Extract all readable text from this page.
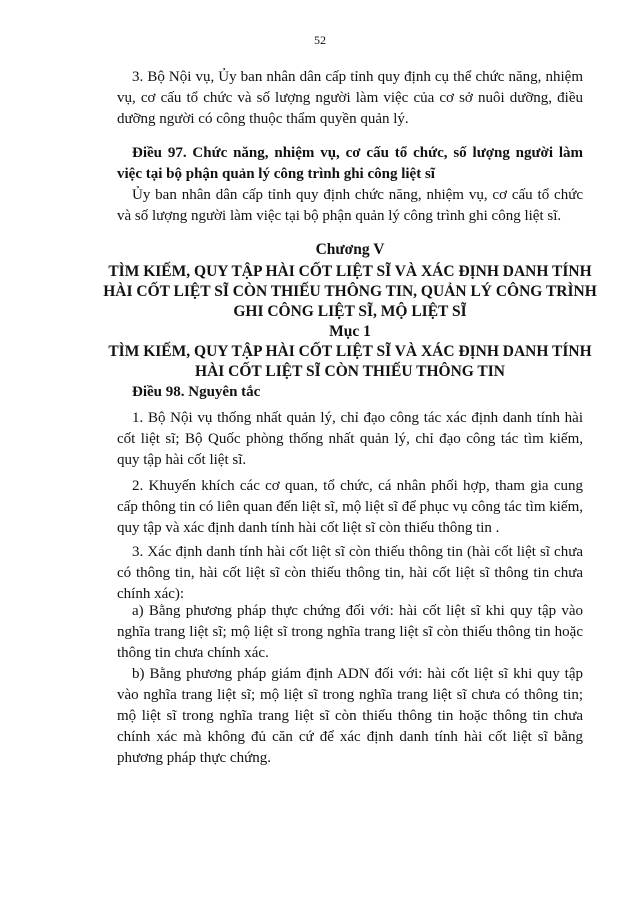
52

3. Bộ Nội vụ, Ủy ban nhân dân cấp tỉnh quy định cụ thể chức năng, nhiệm vụ, cơ cấu tổ chức và số lượng người làm việc của cơ sở nuôi dưỡng, điều dưỡng người có công thuộc thẩm quyền quản lý.

Điều 97. Chức năng, nhiệm vụ, cơ cấu tổ chức, số lượng người làm việc tại bộ phận quản lý công trình ghi công liệt sĩ

Ủy ban nhân dân cấp tỉnh quy định chức năng, nhiệm vụ, cơ cấu tổ chức và số lượng người làm việc tại bộ phận quản lý công trình ghi công liệt sĩ.

Chương V

TÌM KIẾM, QUY TẬP HÀI CỐT LIỆT SĨ VÀ XÁC ĐỊNH DANH TÍNH HÀI CỐT LIỆT SĨ CÒN THIẾU THÔNG TIN, QUẢN LÝ CÔNG TRÌNH GHI CÔNG LIỆT SĨ, MỘ LIỆT SĨ

Mục 1

TÌM KIẾM, QUY TẬP HÀI CỐT LIỆT SĨ VÀ XÁC ĐỊNH DANH TÍNH HÀI CỐT LIỆT SĨ CÒN THIẾU THÔNG TIN

Điều 98. Nguyên tắc

1. Bộ Nội vụ thống nhất quản lý, chỉ đạo công tác xác định danh tính hài cốt liệt sĩ; Bộ Quốc phòng thống nhất quản lý, chỉ đạo công tác tìm kiếm, quy tập hài cốt liệt sĩ.

2. Khuyến khích các cơ quan, tổ chức, cá nhân phối hợp, tham gia cung cấp thông tin có liên quan đến liệt sĩ, mộ liệt sĩ để phục vụ công tác tìm kiếm, quy tập và xác định danh tính hài cốt liệt sĩ còn thiếu thông tin .

3. Xác định danh tính hài cốt liệt sĩ còn thiếu thông tin (hài cốt liệt sĩ chưa có thông tin, hài cốt liệt sĩ còn thiếu thông tin, hài cốt liệt sĩ thông tin chưa chính xác):

a) Bằng phương pháp thực chứng đối với: hài cốt liệt sĩ khi quy tập vào nghĩa trang liệt sĩ; mộ liệt sĩ trong nghĩa trang liệt sĩ còn thiếu thông tin hoặc thông tin chưa chính xác.

b) Bằng phương pháp giám định ADN đối với: hài cốt liệt sĩ khi quy tập vào nghĩa trang liệt sĩ; mộ liệt sĩ trong nghĩa trang liệt sĩ chưa có thông tin; mộ liệt sĩ trong nghĩa trang liệt sĩ còn thiếu thông tin hoặc thông tin chưa chính xác mà không đủ căn cứ để xác định danh tính hài cốt liệt sĩ bằng phương pháp thực chứng.
